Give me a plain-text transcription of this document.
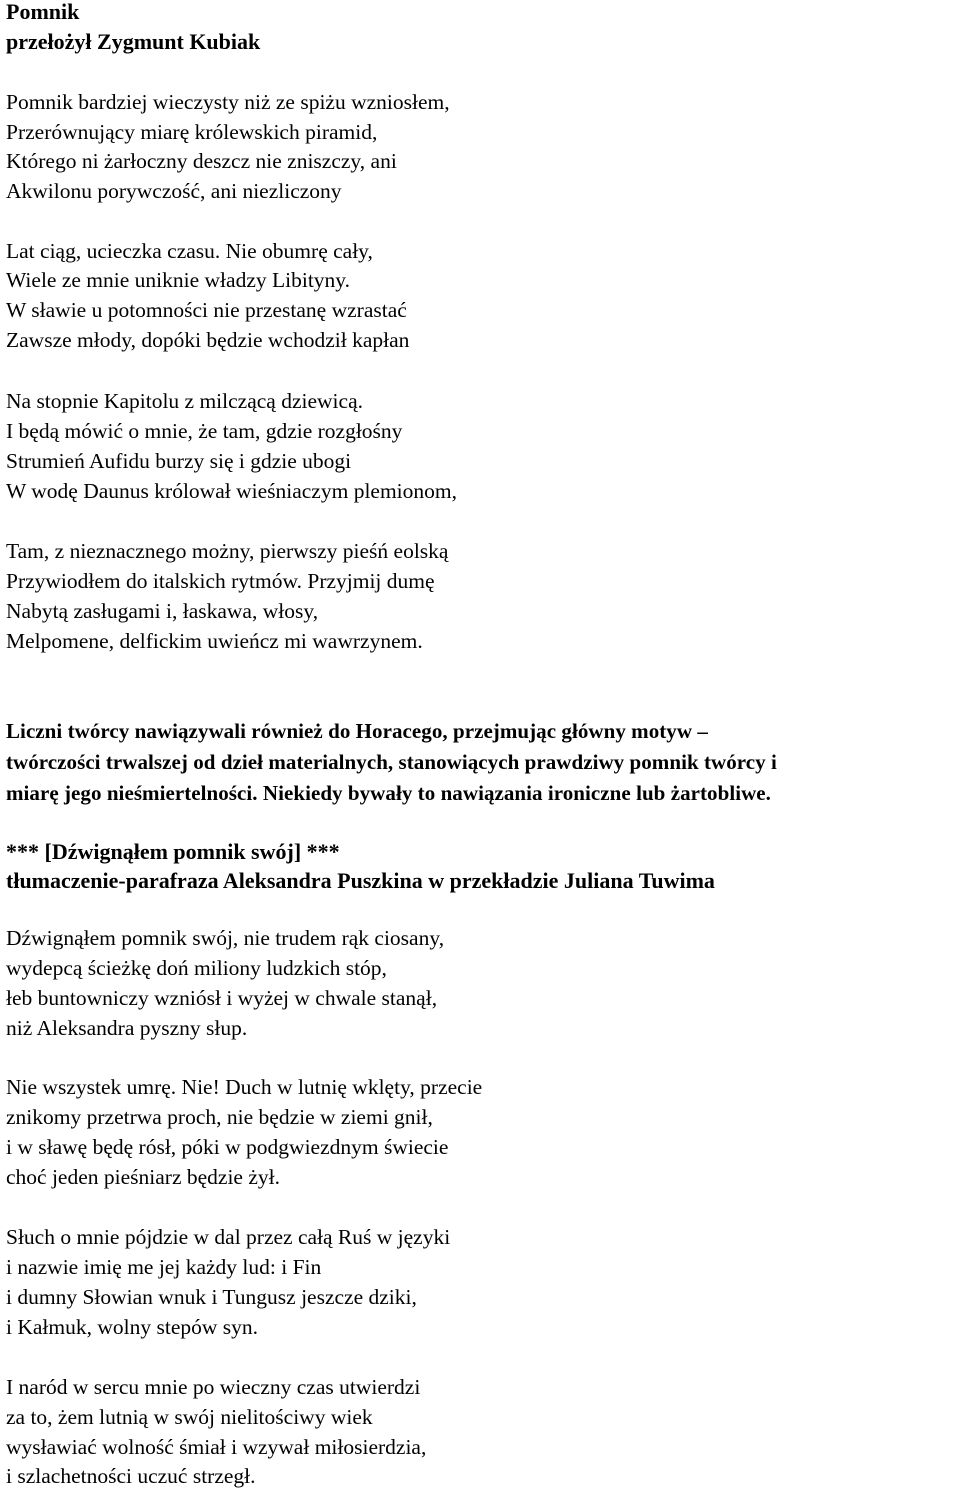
Pomnik
przełożył Zygmunt Kubiak
Pomnik bardziej wieczysty niż ze spiżu wzniosłem,
Przerównujący miarę królewskich piramid,
Którego ni żarłoczny deszcz nie zniszczy, ani
Akwilonu porywczość, ani niezliczony
Lat ciąg, ucieczka czasu. Nie obumrę cały,
Wiele ze mnie uniknie władzy Libityny.
W sławie u potomności nie przestanę wzrastać
Zawsze młody, dopóki będzie wchodził kapłan
Na stopnie Kapitolu z milczącą dziewicą.
I będą mówić o mnie, że tam, gdzie rozgłośny
Strumień Aufidu burzy się i gdzie ubogi
W wodę Daunus królował wieśniaczym plemionom,
Tam, z nieznacznego możny, pierwszy pieśń eolską
Przywiodłem do italskich rytmów. Przyjmij dumę
Nabytą zasługami i, łaskawa, włosy,
Melpomene, delfickim uwieńcz mi wawrzynem.
Liczni twórcy nawiązywali również do Horacego, przejmując główny motyw –
twórczości trwalszej od dzieł materialnych, stanowiących prawdziwy pomnik twórcy i
miarę jego nieśmiertelności. Niekiedy bywały to nawiązania ironiczne lub żartobliwe.
*** [Dźwignąłem pomnik swój] ***
tłumaczenie-parafraza Aleksandra Puszkina w przekładzie Juliana Tuwima
Dźwignąłem pomnik swój, nie trudem rąk ciosany,
wydepcą ścieżkę doń miliony ludzkich stóp,
łeb buntowniczy wzniósł i wyżej w chwale stanął,
niż Aleksandra pyszny słup.
Nie wszystek umrę. Nie! Duch w lutnię wklęty, przecie
znikomy przetrwa proch, nie będzie w ziemi gnił,
i w sławę będę rósł, póki w podgwiezdnym świecie
choć jeden pieśniarz będzie żył.
Słuch o mnie pójdzie w dal przez całą Ruś w języki
i nazwie imię me jej każdy lud: i Fin
i dumny Słowian wnuk i Tungusz jeszcze dziki,
i Kałmuk, wolny stepów syn.
I naród w sercu mnie po wieczny czas utwierdzi
za to, żem lutnią w swój nielitościwy wiek
wysławiać wolność śmiał i wzywał miłosierdzia,
i szlachetności uczuć strzegł.
